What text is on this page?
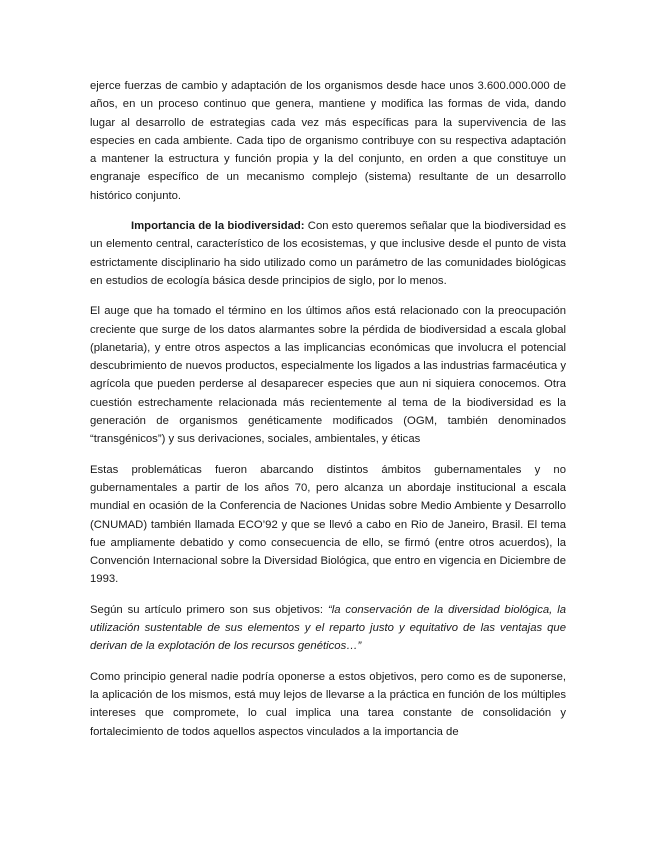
ejerce fuerzas de cambio y adaptación de los organismos desde hace unos 3.600.000.000 de años, en un proceso continuo que genera, mantiene y modifica las formas de vida, dando lugar al desarrollo de estrategias cada vez más específicas para la supervivencia de las especies en cada ambiente. Cada tipo de organismo contribuye con su respectiva adaptación a mantener la estructura y función propia y la del conjunto, en orden a que constituye un engranaje específico de un mecanismo complejo (sistema) resultante de un desarrollo histórico conjunto.

Importancia de la biodiversidad: Con esto queremos señalar que la biodiversidad es un elemento central, característico de los ecosistemas, y que inclusive desde el punto de vista estrictamente disciplinario ha sido utilizado como un parámetro de las comunidades biológicas en estudios de ecología básica desde principios de siglo, por lo menos.

El auge que ha tomado el término en los últimos años está relacionado con la preocupación creciente que surge de los datos alarmantes sobre la pérdida de biodiversidad a escala global (planetaria), y entre otros aspectos a las implicancias económicas que involucra el potencial descubrimiento de nuevos productos, especialmente los ligados a las industrias farmacéutica y agrícola que pueden perderse al desaparecer especies que aun ni siquiera conocemos. Otra cuestión estrechamente relacionada más recientemente al tema de la biodiversidad es la generación de organismos genéticamente modificados (OGM, también denominados “transgénicos”) y sus derivaciones, sociales, ambientales, y éticas

Estas problemáticas fueron abarcando distintos ámbitos gubernamentales y no gubernamentales a partir de los años 70, pero alcanza un abordaje institucional a escala mundial en ocasión de la Conferencia de Naciones Unidas sobre Medio Ambiente y Desarrollo (CNUMAD) también llamada ECO’92 y que se llevó a cabo en Rio de Janeiro, Brasil. El tema fue ampliamente debatido y como consecuencia de ello, se firmó (entre otros acuerdos), la Convención Internacional sobre la Diversidad Biológica, que entro en vigencia en Diciembre de 1993.

Según su artículo primero son sus objetivos: “la conservación de la diversidad biológica, la utilización sustentable de sus elementos y el reparto justo y equitativo de las ventajas que derivan de la explotación de los recursos genéticos…”

Como principio general nadie podría oponerse a estos objetivos, pero como es de suponerse, la aplicación de los mismos, está muy lejos de llevarse a la práctica en función de los múltiples intereses que compromete, lo cual implica una tarea constante de consolidación y fortalecimiento de todos aquellos aspectos vinculados a la importancia de
